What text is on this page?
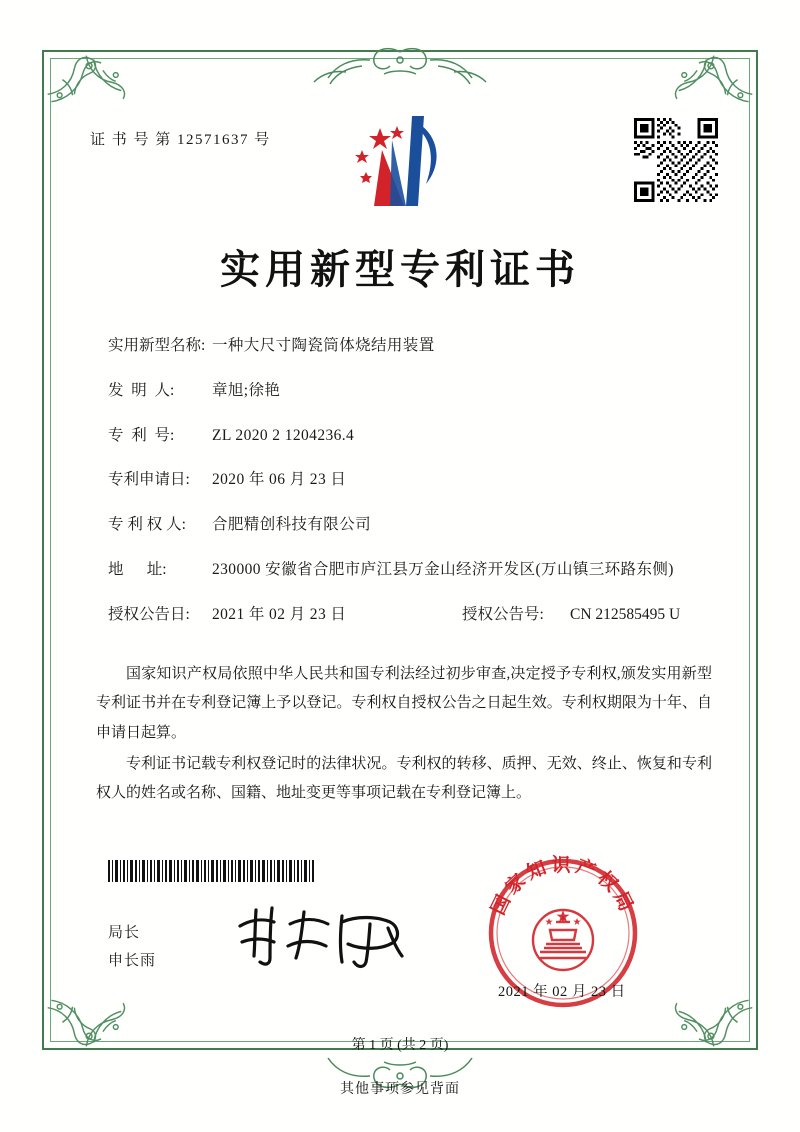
证 书 号 第 12571637 号
实用新型专利证书
实用新型名称: 一种大尺寸陶瓷筒体烧结用装置
发  明  人:	章旭;徐艳
专  利  号:	ZL 2020 2 1204236.4
专利申请日:	2020 年 06 月 23 日
专 利 权 人:	合肥精创科技有限公司
地      址:	230000 安徽省合肥市庐江县万金山经济开发区(万山镇三环路东侧)
授权公告日:	2021 年 02 月 23 日	授权公告号:	CN 212585495 U

国家知识产权局依照中华人民共和国专利法经过初步审查,决定授予专利权,颁发实用新型专利证书并在专利登记簿上予以登记。专利权自授权公告之日起生效。专利权期限为十年、自申请日起算。

专利证书记载专利权登记时的法律状况。专利权的转移、质押、无效、终止、恢复和专利权人的姓名或名称、国籍、地址变更等事项记载在专利登记簿上。

局长
申长雨
国家知识产权局
2021 年 02 月 23 日
第 1 页 (共 2 页)
其他事项参见背面
